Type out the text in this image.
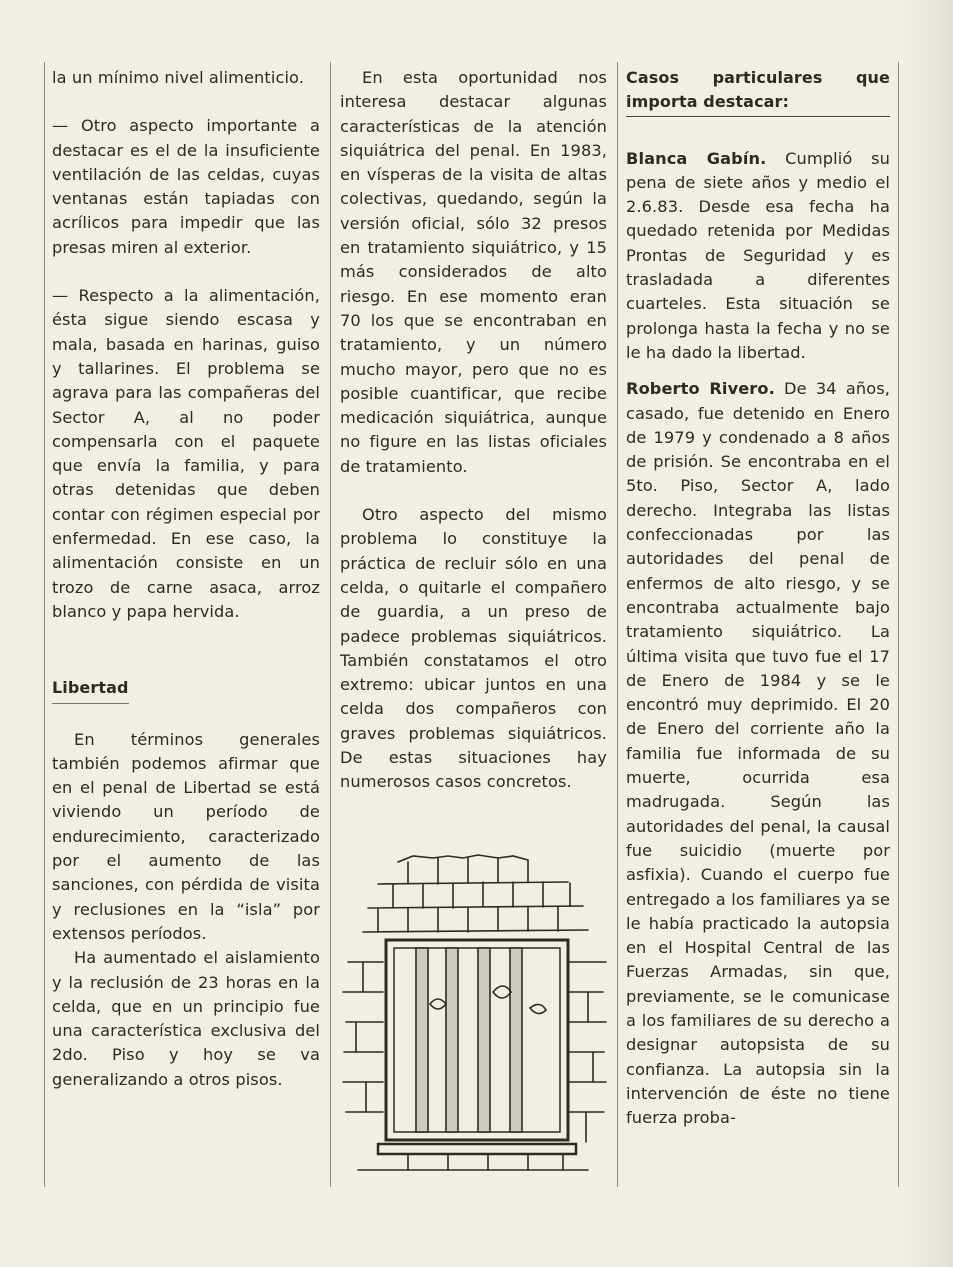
la un mínimo nivel alimenticio.

— Otro aspecto importante a destacar es el de la insuficiente ventilación de las celdas, cuyas ventanas están tapiadas con acrílicos para impedir que las presas miren al exterior.

— Respecto a la alimentación, ésta sigue siendo escasa y mala, basada en harinas, guiso y tallarines. El problema se agrava para las compañeras del Sector A, al no poder compensarla con el paquete que envía la familia, y para otras detenidas que deben contar con régimen especial por enfermedad. En ese caso, la alimentación consiste en un trozo de carne asaca, arroz blanco y papa hervida.

Libertad

En términos generales también podemos afirmar que en el penal de Libertad se está viviendo un período de endurecimiento, caracterizado por el aumento de las sanciones, con pérdida de visita y reclusiones en la “isla” por extensos períodos.

Ha aumentado el aislamiento y la reclusión de 23 horas en la celda, que en un principio fue una característica exclusiva del 2do. Piso y hoy se va generalizando a otros pisos.

En esta oportunidad nos interesa destacar algunas características de la atención siquiátrica del penal. En 1983, en vísperas de la visita de altas colectivas, quedando, según la versión oficial, sólo 32 presos en tratamiento siquiátrico, y 15 más considerados de alto riesgo. En ese momento eran 70 los que se encontraban en tratamiento, y un número mucho mayor, pero que no es posible cuantificar, que recibe medicación siquiátrica, aunque no figure en las listas oficiales de tratamiento.

Otro aspecto del mismo problema lo constituye la práctica de recluir sólo en una celda, o quitarle el compañero de guardia, a un preso de padece problemas siquiátricos. También constatamos el otro extremo: ubicar juntos en una celda dos compañeros con graves problemas siquiátricos. De estas situaciones hay numerosos casos concretos.

Casos particulares que importa destacar:

Blanca Gabín. Cumplió su pena de siete años y medio el 2.6.83. Desde esa fecha ha quedado retenida por Medidas Prontas de Seguridad y es trasladada a diferentes cuarteles. Esta situación se prolonga hasta la fecha y no se le ha dado la libertad.

Roberto Rivero. De 34 años, casado, fue detenido en Enero de 1979 y condenado a 8 años de prisión. Se encontraba en el 5to. Piso, Sector A, lado derecho. Integraba las listas confeccionadas por las autoridades del penal de enfermos de alto riesgo, y se encontraba actualmente bajo tratamiento siquiátrico. La última visita que tuvo fue el 17 de Enero de 1984 y se le encontró muy deprimido. El 20 de Enero del corriente año la familia fue informada de su muerte, ocurrida esa madrugada. Según las autoridades del penal, la causal fue suicidio (muerte por asfixia). Cuando el cuerpo fue entregado a los familiares ya se le había practicado la autopsia en el Hospital Central de las Fuerzas Armadas, sin que, previamente, se le comunicase a los familiares de su derecho a designar autopsista de su confianza. La autopsia sin la intervención de éste no tiene fuerza proba-
